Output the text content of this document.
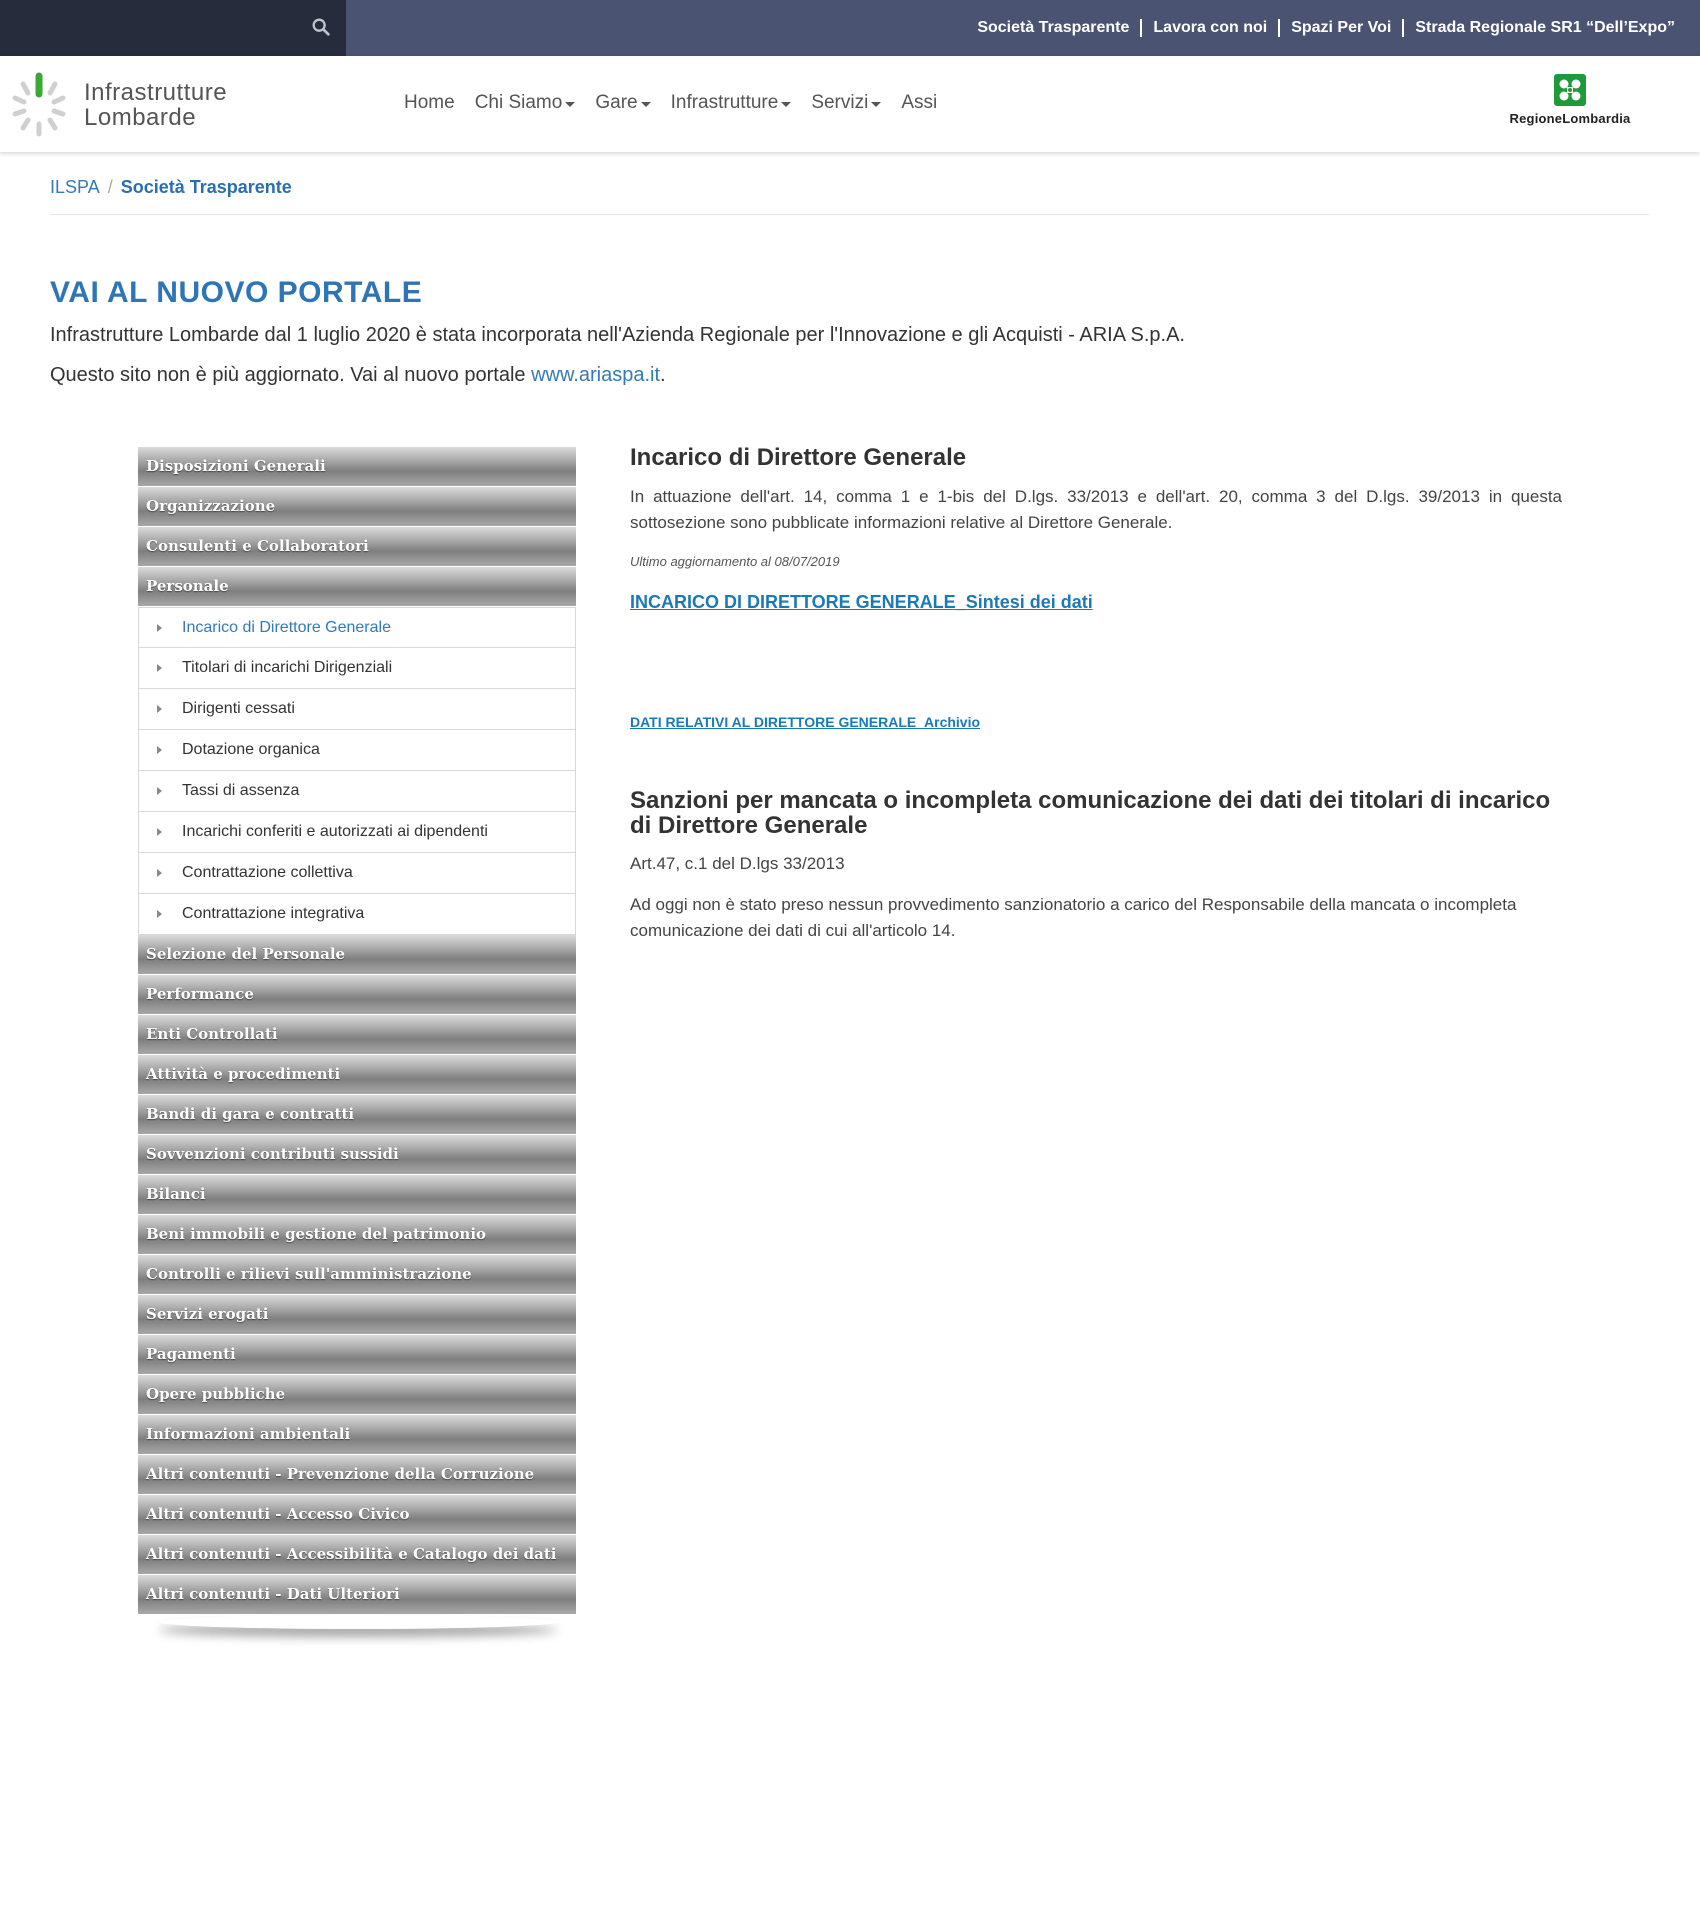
Società Trasparente	Lavora con noi	Spazi Per Voi	Strada Regionale SR1 “Dell’Expo”
Infrastrutture
Lombarde
Home Chi Siamo Gare Infrastrutture Servizi Assi
RegioneLombardia
ILSPA / Società Trasparente
VAI AL NUOVO PORTALE
Infrastrutture Lombarde dal 1 luglio 2020 è stata incorporata nell'Azienda Regionale per l'Innovazione e gli Acquisti - ARIA S.p.A.
Questo sito non è più aggiornato. Vai al nuovo portale www.ariaspa.it.
Disposizioni Generali
Organizzazione
Consulenti e Collaboratori
Personale
Incarico di Direttore Generale
Titolari di incarichi Dirigenziali
Dirigenti cessati
Dotazione organica
Tassi di assenza
Incarichi conferiti e autorizzati ai dipendenti
Contrattazione collettiva
Contrattazione integrativa
Selezione del Personale
Performance
Enti Controllati
Attività e procedimenti
Bandi di gara e contratti
Sovvenzioni contributi sussidi
Bilanci
Beni immobili e gestione del patrimonio
Controlli e rilievi sull'amministrazione
Servizi erogati
Pagamenti
Opere pubbliche
Informazioni ambientali
Altri contenuti - Prevenzione della Corruzione
Altri contenuti - Accesso Civico
Altri contenuti - Accessibilità e Catalogo dei dati
Altri contenuti - Dati Ulteriori
Incarico di Direttore Generale
In attuazione dell'art. 14, comma 1 e 1-bis del D.lgs. 33/2013 e dell'art. 20, comma 3 del D.lgs. 39/2013 in questa sottosezione sono pubblicate informazioni relative al Direttore Generale.
Ultimo aggiornamento al 08/07/2019
INCARICO DI DIRETTORE GENERALE_Sintesi dei dati
DATI RELATIVI AL DIRETTORE GENERALE_Archivio
Sanzioni per mancata o incompleta comunicazione dei dati dei titolari di incarico di Direttore Generale
Art.47, c.1 del D.lgs 33/2013
Ad oggi non è stato preso nessun provvedimento sanzionatorio a carico del Responsabile della mancata o incompleta comunicazione dei dati di cui all'articolo 14.
